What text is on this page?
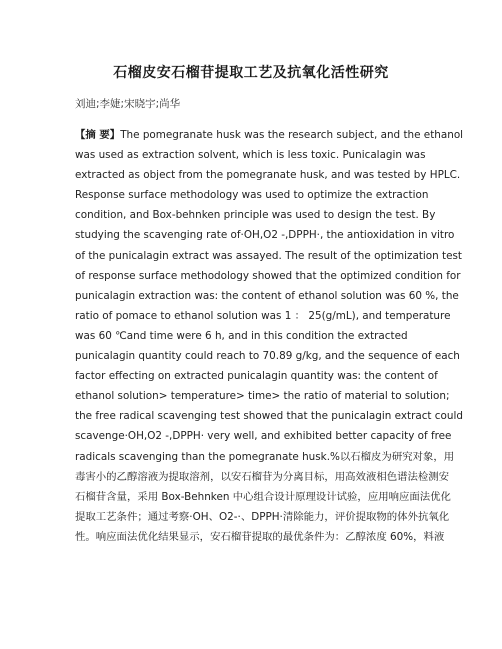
石榴皮安石榴苷提取工艺及抗氧化活性研究
刘迪;李婕;宋晓宇;尚华
【摘 要】The pomegranate husk was the research subject, and the ethanol
was used as extraction solvent, which is less toxic. Punicalagin was
extracted as object from the pomegranate husk, and was tested by HPLC.
Response surface methodology was used to optimize the extraction
condition, and Box-behnken principle was used to design the test. By
studying the scavenging rate of·OH,O2 -,DPPH·, the antioxidation in vitro
of the punicalagin extract was assayed. The result of the optimization test
of response surface methodology showed that the optimized condition for
punicalagin extraction was: the content of ethanol solution was 60 %, the
ratio of pomace to ethanol solution was 1 ： 25(g/mL), and temperature
was 60 ℃and time were 6 h, and in this condition the extracted
punicalagin quantity could reach to 70.89 g/kg, and the sequence of each
factor effecting on extracted punicalagin quantity was: the content of
ethanol solution> temperature> time> the ratio of material to solution;
the free radical scavenging test showed that the punicalagin extract could
scavenge·OH,O2 -,DPPH· very well, and exhibited better capacity of free
radicals scavenging than the pomegranate husk.%以石榴皮为研究对象，用
毒害小的乙醇溶液为提取溶剂，以安石榴苷为分离目标，用高效液相色谱法检测安
石榴苷含量，采用 Box-Behnken 中心组合设计原理设计试验，应用响应面法优化
提取工艺条件；通过考察·OH、O2-·、DPPH·清除能力，评价提取物的体外抗氧化
性。响应面法优化结果显示，安石榴苷提取的最优条件为：乙醇浓度 60%，料液
